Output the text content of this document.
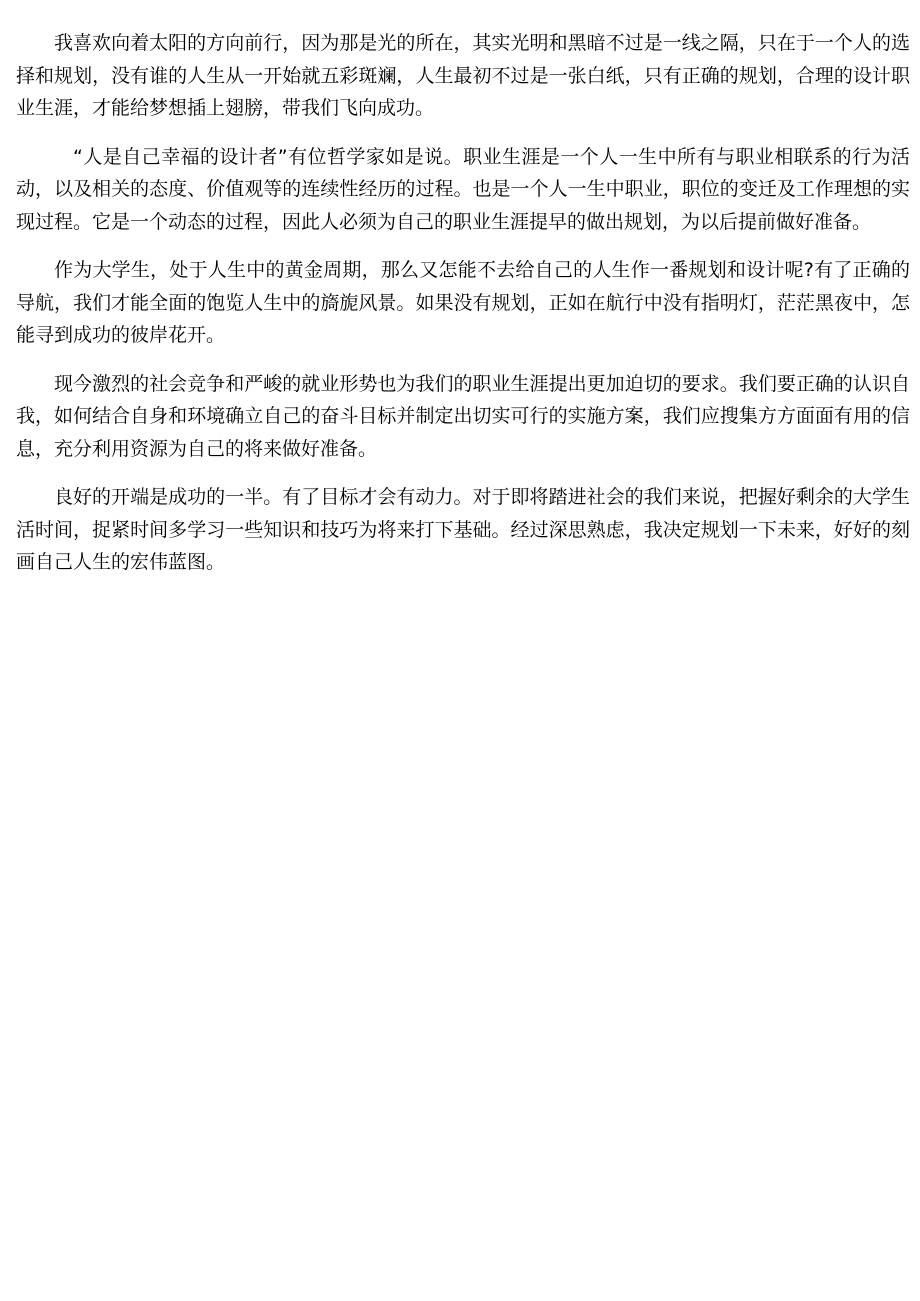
我喜欢向着太阳的方向前行，因为那是光的所在，其实光明和黑暗不过是一线之隔，只在于一个人的选择和规划，没有谁的人生从一开始就五彩斑斓，人生最初不过是一张白纸，只有正确的规划，合理的设计职业生涯，才能给梦想插上翅膀，带我们飞向成功。

“人是自己幸福的设计者”有位哲学家如是说。职业生涯是一个人一生中所有与职业相联系的行为活动，以及相关的态度、价值观等的连续性经历的过程。也是一个人一生中职业，职位的变迁及工作理想的实现过程。它是一个动态的过程，因此人必须为自己的职业生涯提早的做出规划，为以后提前做好准备。

作为大学生，处于人生中的黄金周期，那么又怎能不去给自己的人生作一番规划和设计呢?有了正确的导航，我们才能全面的饱览人生中的旖旎风景。如果没有规划，正如在航行中没有指明灯，茫茫黑夜中，怎能寻到成功的彼岸花开。

现今激烈的社会竞争和严峻的就业形势也为我们的职业生涯提出更加迫切的要求。我们要正确的认识自我，如何结合自身和环境确立自己的奋斗目标并制定出切实可行的实施方案，我们应搜集方方面面有用的信息，充分利用资源为自己的将来做好准备。

良好的开端是成功的一半。有了目标才会有动力。对于即将踏进社会的我们来说，把握好剩余的大学生活时间，捉紧时间多学习一些知识和技巧为将来打下基础。经过深思熟虑，我决定规划一下未来，好好的刻画自己人生的宏伟蓝图。
